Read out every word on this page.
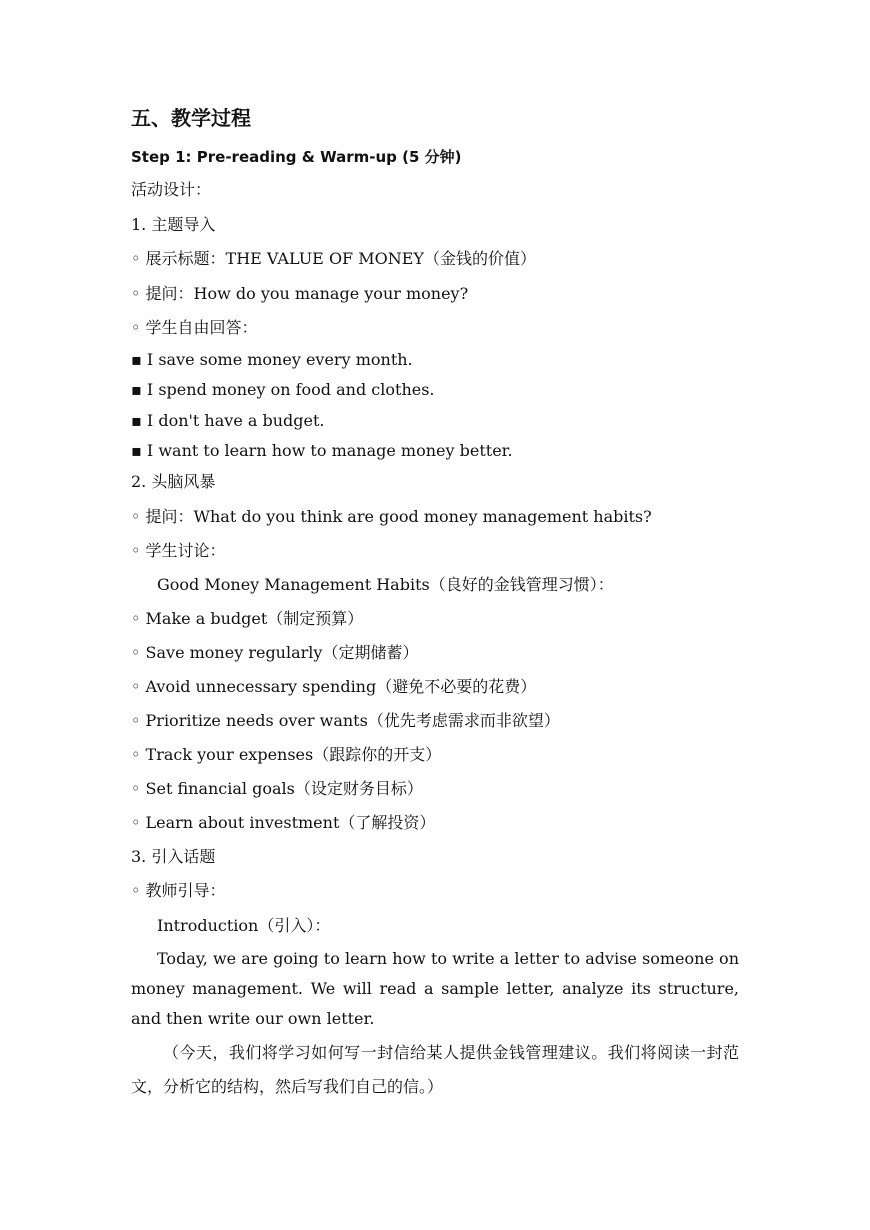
五、教学过程
Step 1: Pre-reading & Warm-up (5 分钟)
活动设计：
1. 主题导入
◦ 展示标题：THE VALUE OF MONEY（金钱的价值）
◦ 提问：How do you manage your money?
◦ 学生自由回答：
▪ I save some money every month.
▪ I spend money on food and clothes.
▪ I don't have a budget.
▪ I want to learn how to manage money better.
2. 头脑风暴
◦ 提问：What do you think are good money management habits?
◦ 学生讨论：
Good Money Management Habits（良好的金钱管理习惯）：
◦ Make a budget（制定预算）
◦ Save money regularly（定期储蓄）
◦ Avoid unnecessary spending（避免不必要的花费）
◦ Prioritize needs over wants（优先考虑需求而非欲望）
◦ Track your expenses（跟踪你的开支）
◦ Set financial goals（设定财务目标）
◦ Learn about investment（了解投资）
3. 引入话题
◦ 教师引导：
Introduction（引入）：
Today, we are going to learn how to write a letter to advise someone on money management. We will read a sample letter, analyze its structure, and then write our own letter.
（今天，我们将学习如何写一封信给某人提供金钱管理建议。我们将阅读一封范文，分析它的结构，然后写我们自己的信。）
